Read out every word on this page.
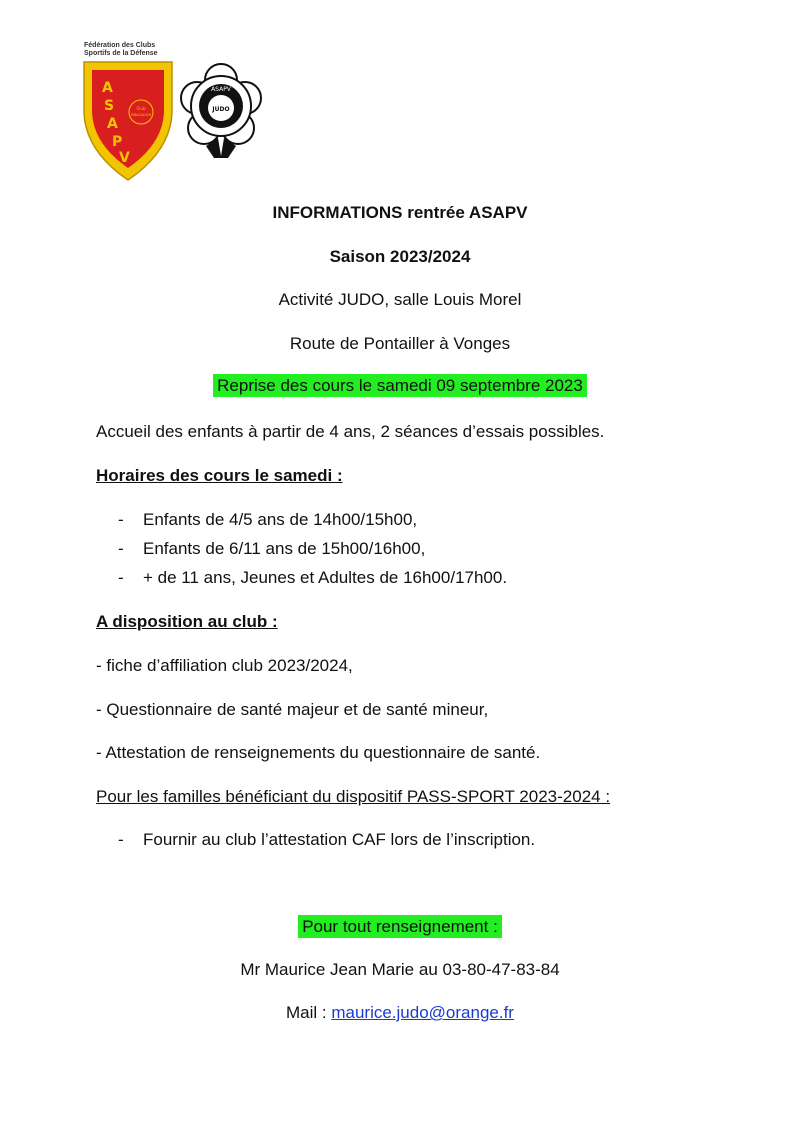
A
S
A
P
V
Club
DBASADON
Fédération des Clubs Sportifs de la Défense
ASAPV
JUDO
INFORMATIONS rentrée ASAPV
Saison 2023/2024
Activité JUDO, salle Louis Morel
Route de Pontailler à Vonges
Reprise des cours le samedi 09 septembre 2023
Accueil des enfants à partir de 4 ans, 2 séances d’essais possibles.
Horaires des cours le samedi :
- Enfants de 4/5 ans de 14h00/15h00,
- Enfants de 6/11 ans de 15h00/16h00,
- + de 11 ans, Jeunes et Adultes de 16h00/17h00.
A disposition au club :
- fiche d’affiliation club 2023/2024,
- Questionnaire de santé majeur et de santé mineur,
- Attestation de renseignements du questionnaire de santé.
Pour les familles bénéficiant du dispositif PASS-SPORT 2023-2024 :
- Fournir au club l’attestation CAF lors de l’inscription.
Pour tout renseignement :
Mr Maurice Jean Marie au 03-80-47-83-84
Mail : maurice.judo@orange.fr
